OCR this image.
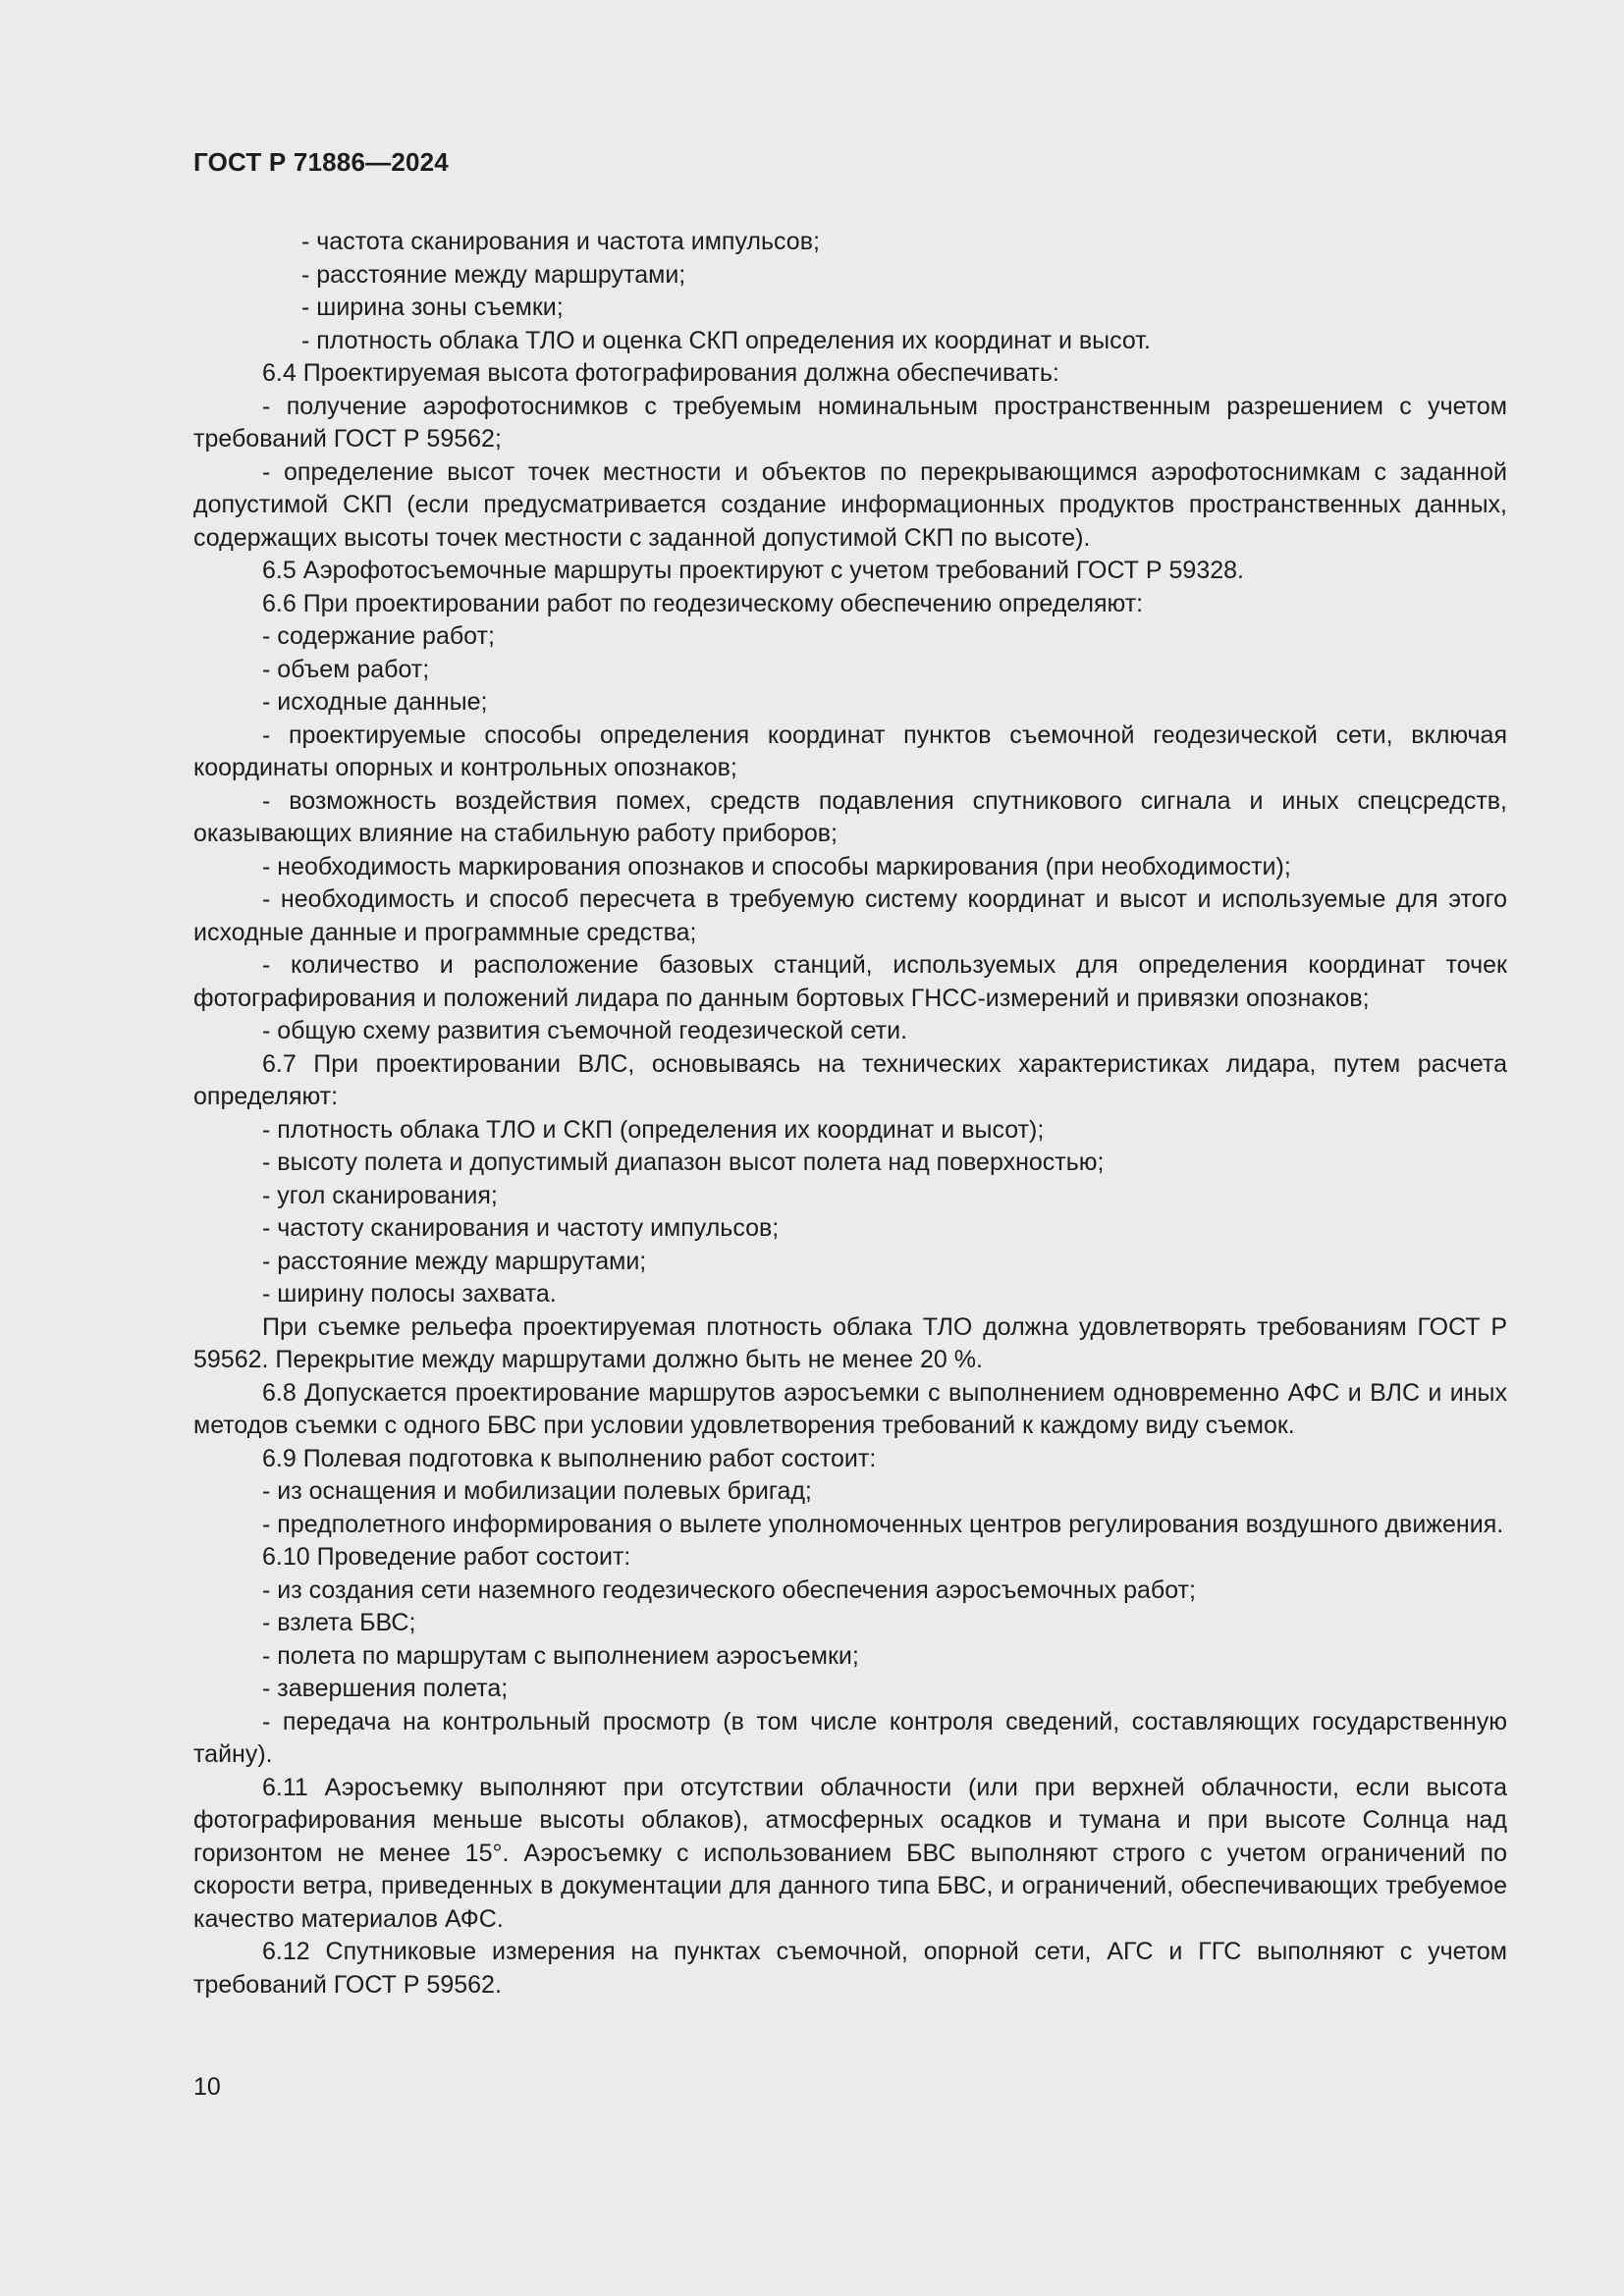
ГОСТ Р 71886—2024

- частота сканирования и частота импульсов;

- расстояние между маршрутами;

- ширина зоны съемки;

- плотность облака ТЛО и оценка СКП определения их координат и высот.

6.4 Проектируемая высота фотографирования должна обеспечивать:

- получение аэрофотоснимков с требуемым номинальным пространственным разрешением с учетом требований ГОСТ Р 59562;

- определение высот точек местности и объектов по перекрывающимся аэрофотоснимкам с заданной допустимой СКП (если предусматривается создание информационных продуктов пространственных данных, содержащих высоты точек местности с заданной допустимой СКП по высоте).

6.5 Аэрофотосъемочные маршруты проектируют с учетом требований ГОСТ Р 59328.

6.6 При проектировании работ по геодезическому обеспечению определяют:

- содержание работ;

- объем работ;

- исходные данные;

- проектируемые способы определения координат пунктов съемочной геодезической сети, включая координаты опорных и контрольных опознаков;

- возможность воздействия помех, средств подавления спутникового сигнала и иных спецсредств, оказывающих влияние на стабильную работу приборов;

- необходимость маркирования опознаков и способы маркирования (при необходимости);

- необходимость и способ пересчета в требуемую систему координат и высот и используемые для этого исходные данные и программные средства;

- количество и расположение базовых станций, используемых для определения координат точек фотографирования и положений лидара по данным бортовых ГНСС-измерений и привязки опознаков;

- общую схему развития съемочной геодезической сети.

6.7 При проектировании ВЛС, основываясь на технических характеристиках лидара, путем расчета определяют:

- плотность облака ТЛО и СКП (определения их координат и высот);

- высоту полета и допустимый диапазон высот полета над поверхностью;

- угол сканирования;

- частоту сканирования и частоту импульсов;

- расстояние между маршрутами;

- ширину полосы захвата.

При съемке рельефа проектируемая плотность облака ТЛО должна удовлетворять требованиям ГОСТ Р 59562. Перекрытие между маршрутами должно быть не менее 20 %.

6.8 Допускается проектирование маршрутов аэросъемки с выполнением одновременно АФС и ВЛС и иных методов съемки с одного БВС при условии удовлетворения требований к каждому виду съемок.

6.9 Полевая подготовка к выполнению работ состоит:

- из оснащения и мобилизации полевых бригад;

- предполетного информирования о вылете уполномоченных центров регулирования воздушного движения.

6.10 Проведение работ состоит:

- из создания сети наземного геодезического обеспечения аэросъемочных работ;

- взлета БВС;

- полета по маршрутам с выполнением аэросъемки;

- завершения полета;

- передача на контрольный просмотр (в том числе контроля сведений, составляющих государственную тайну).

6.11 Аэросъемку выполняют при отсутствии облачности (или при верхней облачности, если высота фотографирования меньше высоты облаков), атмосферных осадков и тумана и при высоте Солнца над горизонтом не менее 15°. Аэросъемку с использованием БВС выполняют строго с учетом ограничений по скорости ветра, приведенных в документации для данного типа БВС, и ограничений, обеспечивающих требуемое качество материалов АФС.

6.12 Спутниковые измерения на пунктах съемочной, опорной сети, АГС и ГГС выполняют с учетом требований ГОСТ Р 59562.

10
